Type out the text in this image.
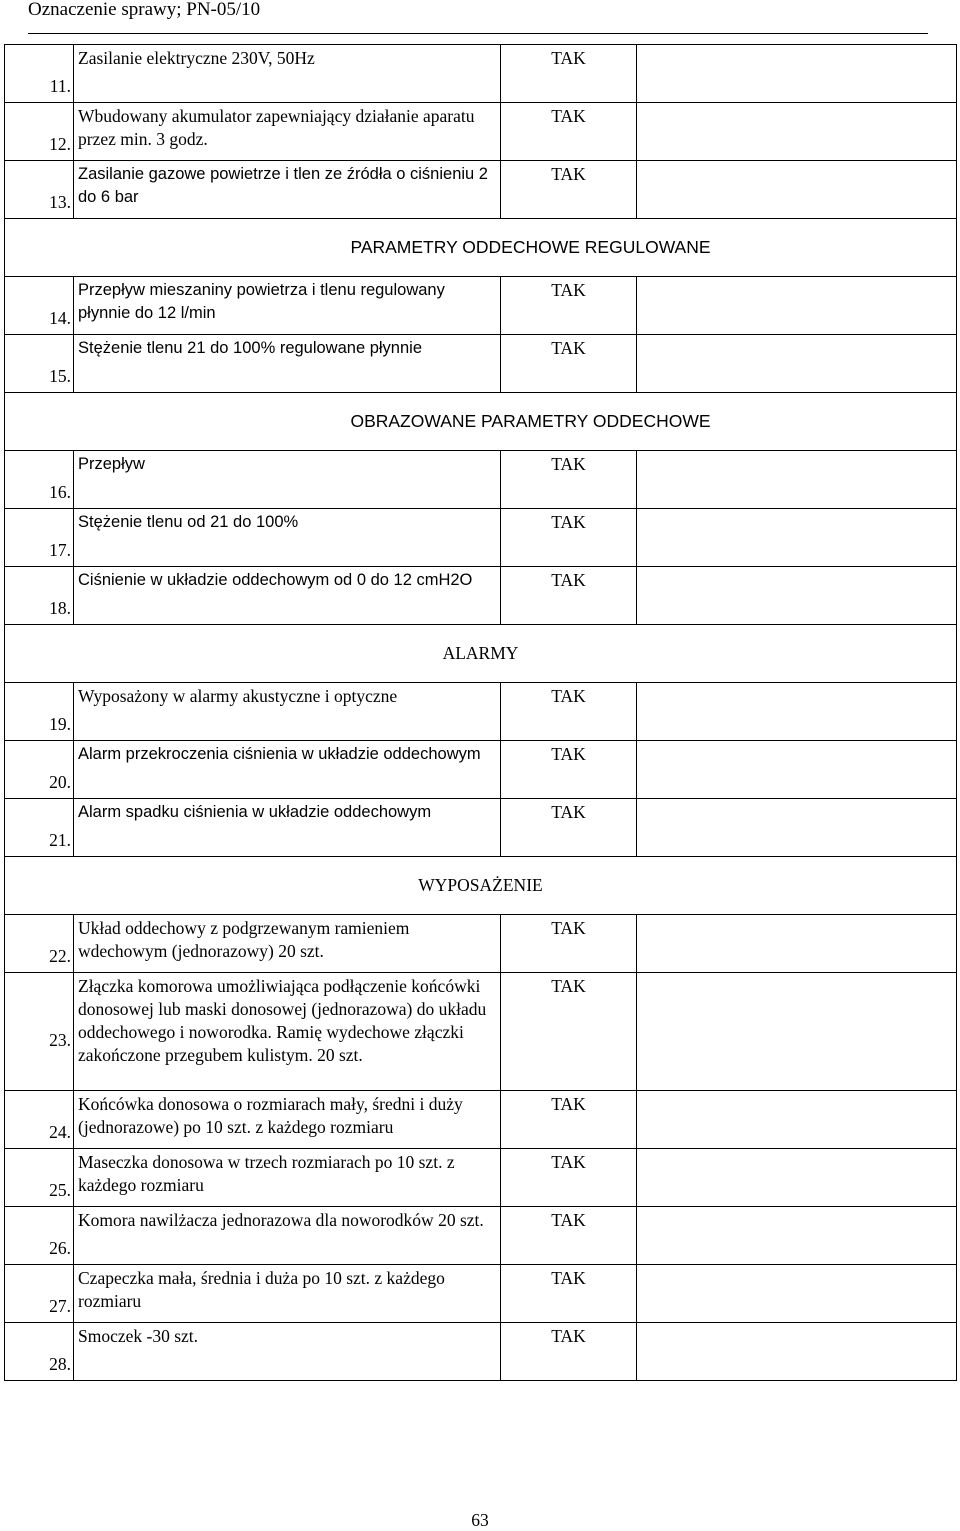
Oznaczenie sprawy; PN-05/10
11.	Zasilanie elektryczne 230V, 50Hz	TAK	
12.	Wbudowany akumulator zapewniający działanie aparatu przez min. 3 godz.	TAK	
13.	Zasilanie gazowe powietrze i tlen ze źródła o ciśnieniu 2 do 6 bar	TAK	
PARAMETRY ODDECHOWE REGULOWANE			
14.	Przepływ mieszaniny powietrza i tlenu regulowany płynnie do 12 l/min	TAK	
15.	Stężenie tlenu 21 do 100% regulowane płynnie	TAK	
OBRAZOWANE PARAMETRY ODDECHOWE			
16.	Przepływ	TAK	
17.	Stężenie tlenu od 21 do 100%	TAK	
18.	Ciśnienie w układzie oddechowym od 0 do 12 cmH2O	TAK	
ALARMY			
19.	Wyposażony w alarmy akustyczne i optyczne	TAK	
20.	Alarm przekroczenia ciśnienia w układzie oddechowym	TAK	
21.	Alarm spadku ciśnienia w układzie oddechowym	TAK	
WYPOSAŻENIE			
22.	Układ oddechowy z podgrzewanym ramieniem wdechowym (jednorazowy) 20 szt.	TAK	
23.	Złączka komorowa umożliwiająca podłączenie końcówki donosowej lub maski donosowej (jednorazowa) do układu oddechowego i noworodka. Ramię wydechowe złączki zakończone przegubem kulistym. 20 szt.	TAK	
24.	Końcówka donosowa o rozmiarach mały, średni i duży (jednorazowe) po 10 szt. z każdego rozmiaru	TAK	
25.	Maseczka donosowa w trzech rozmiarach po 10 szt. z każdego rozmiaru	TAK	
26.	Komora nawilżacza jednorazowa dla noworodków 20 szt.	TAK	
27.	Czapeczka mała, średnia i duża po 10 szt. z każdego rozmiaru	TAK	
28.	Smoczek -30 szt.	TAK	
63
